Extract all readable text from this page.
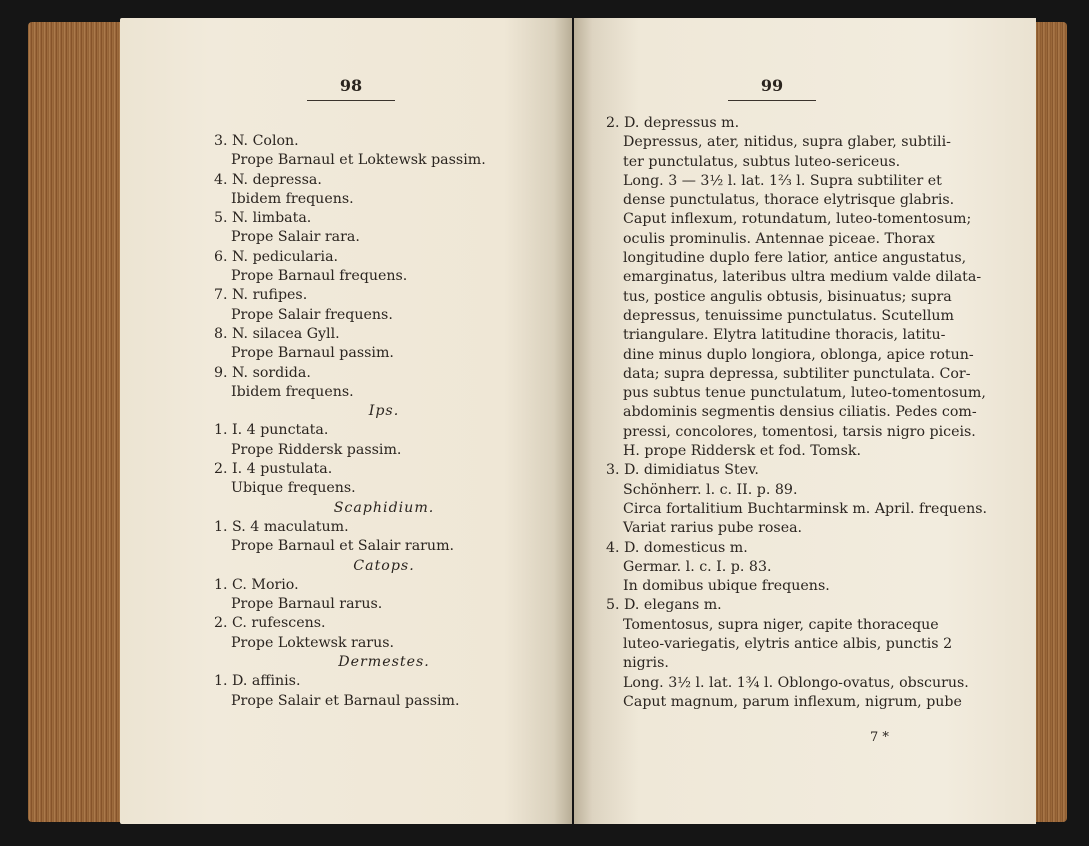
98
3. N. Colon.
Prope Barnaul et Loktewsk passim.
4. N. depressa.
Ibidem frequens.
5. N. limbata.
Prope Salair rara.
6. N. pedicularia.
Prope Barnaul frequens.
7. N. rufipes.
Prope Salair frequens.
8. N. silacea Gyll.
Prope Barnaul passim.
9. N. sordida.
Ibidem frequens.
Ips.
1. I. 4 punctata.
Prope Riddersk passim.
2. I. 4 pustulata.
Ubique frequens.
Scaphidium.
1. S. 4 maculatum.
Prope Barnaul et Salair rarum.
Catops.
1. C. Morio.
Prope Barnaul rarus.
2. C. rufescens.
Prope Loktewsk rarus.
Dermestes.
1. D. affinis.
Prope Salair et Barnaul passim.
99
2. D. depressus m.
Depressus, ater, nitidus, supra glaber, subtili-
ter punctulatus, subtus luteo-sericeus.
Long. 3 — 3½ l. lat. 1⅔ l. Supra subtiliter et
dense punctulatus, thorace elytrisque glabris.
Caput inflexum, rotundatum, luteo-tomentosum;
oculis prominulis. Antennae piceae. Thorax
longitudine duplo fere latior, antice angustatus,
emarginatus, lateribus ultra medium valde dilata-
tus, postice angulis obtusis, bisinuatus; supra
depressus, tenuissime punctulatus. Scutellum
triangulare. Elytra latitudine thoracis, latitu-
dine minus duplo longiora, oblonga, apice rotun-
data; supra depressa, subtiliter punctulata. Cor-
pus subtus tenue punctulatum, luteo-tomentosum,
abdominis segmentis densius ciliatis. Pedes com-
pressi, concolores, tomentosi, tarsis nigro piceis.
H. prope Riddersk et fod. Tomsk.
3. D. dimidiatus Stev.
Schönherr. l. c. II. p. 89.
Circa fortalitium Buchtarminsk m. April. frequens.
Variat rarius pube rosea.
4. D. domesticus m.
Germar. l. c. I. p. 83.
In domibus ubique frequens.
5. D. elegans m.
Tomentosus, supra niger, capite thoraceque
luteo-variegatis, elytris antice albis, punctis 2
nigris.
Long. 3½ l. lat. 1¾ l. Oblongo-ovatus, obscurus.
Caput magnum, parum inflexum, nigrum, pube
7 *
